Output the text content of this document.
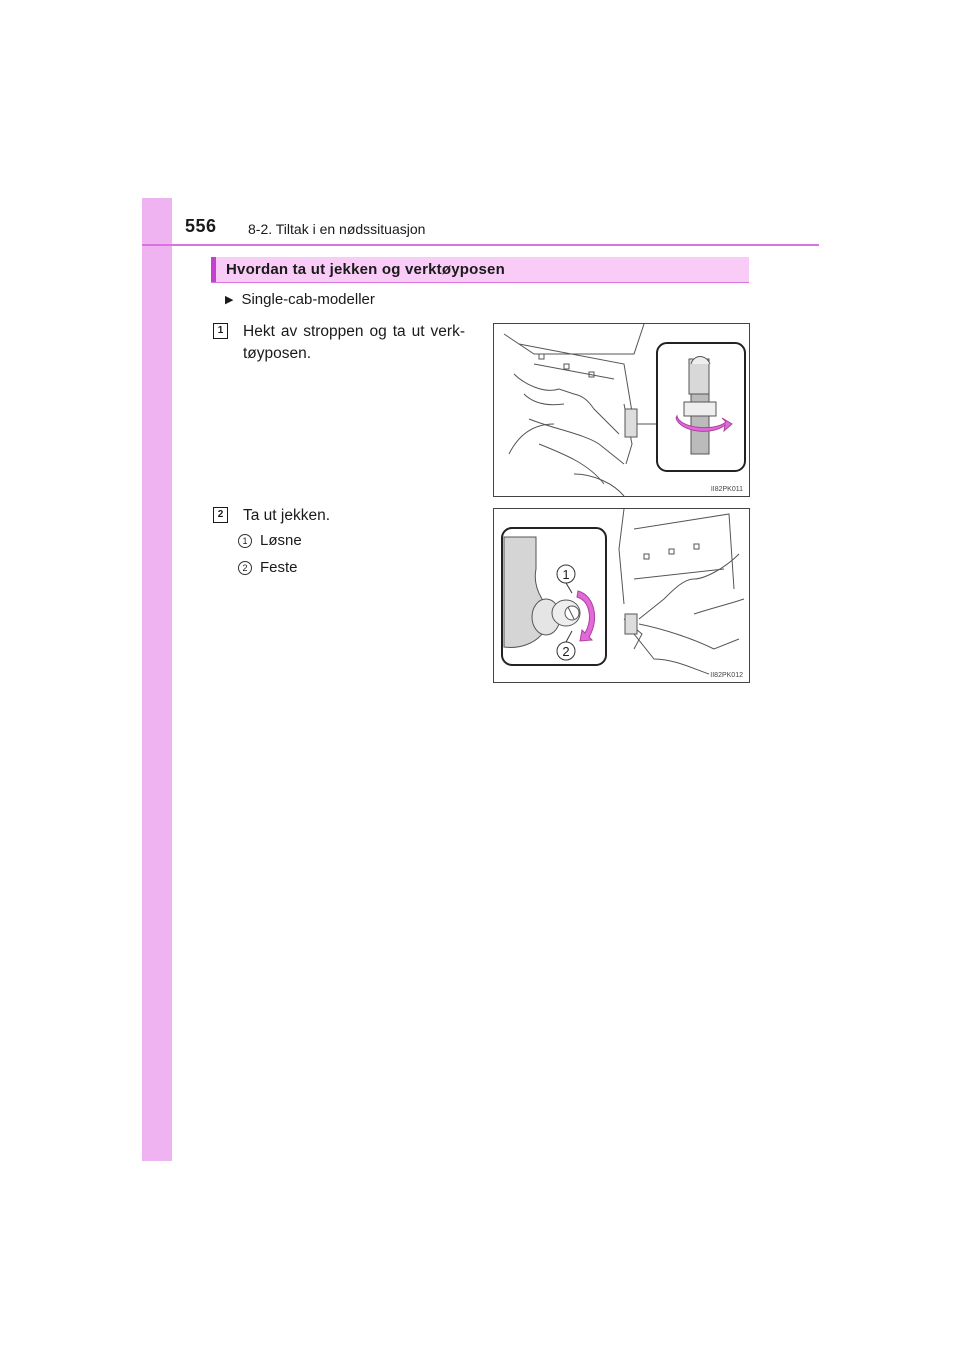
556 8-2. Tiltak i en nødssituasjon
Hvordan ta ut jekken og verktøyposen
▶ Single-cab-modeller
1	Hekt av stroppen og ta ut verk-
tøyposen.
II82PK011
2	Ta ut jekken.
1 Løsne
2 Feste	1
2
II82PK012
